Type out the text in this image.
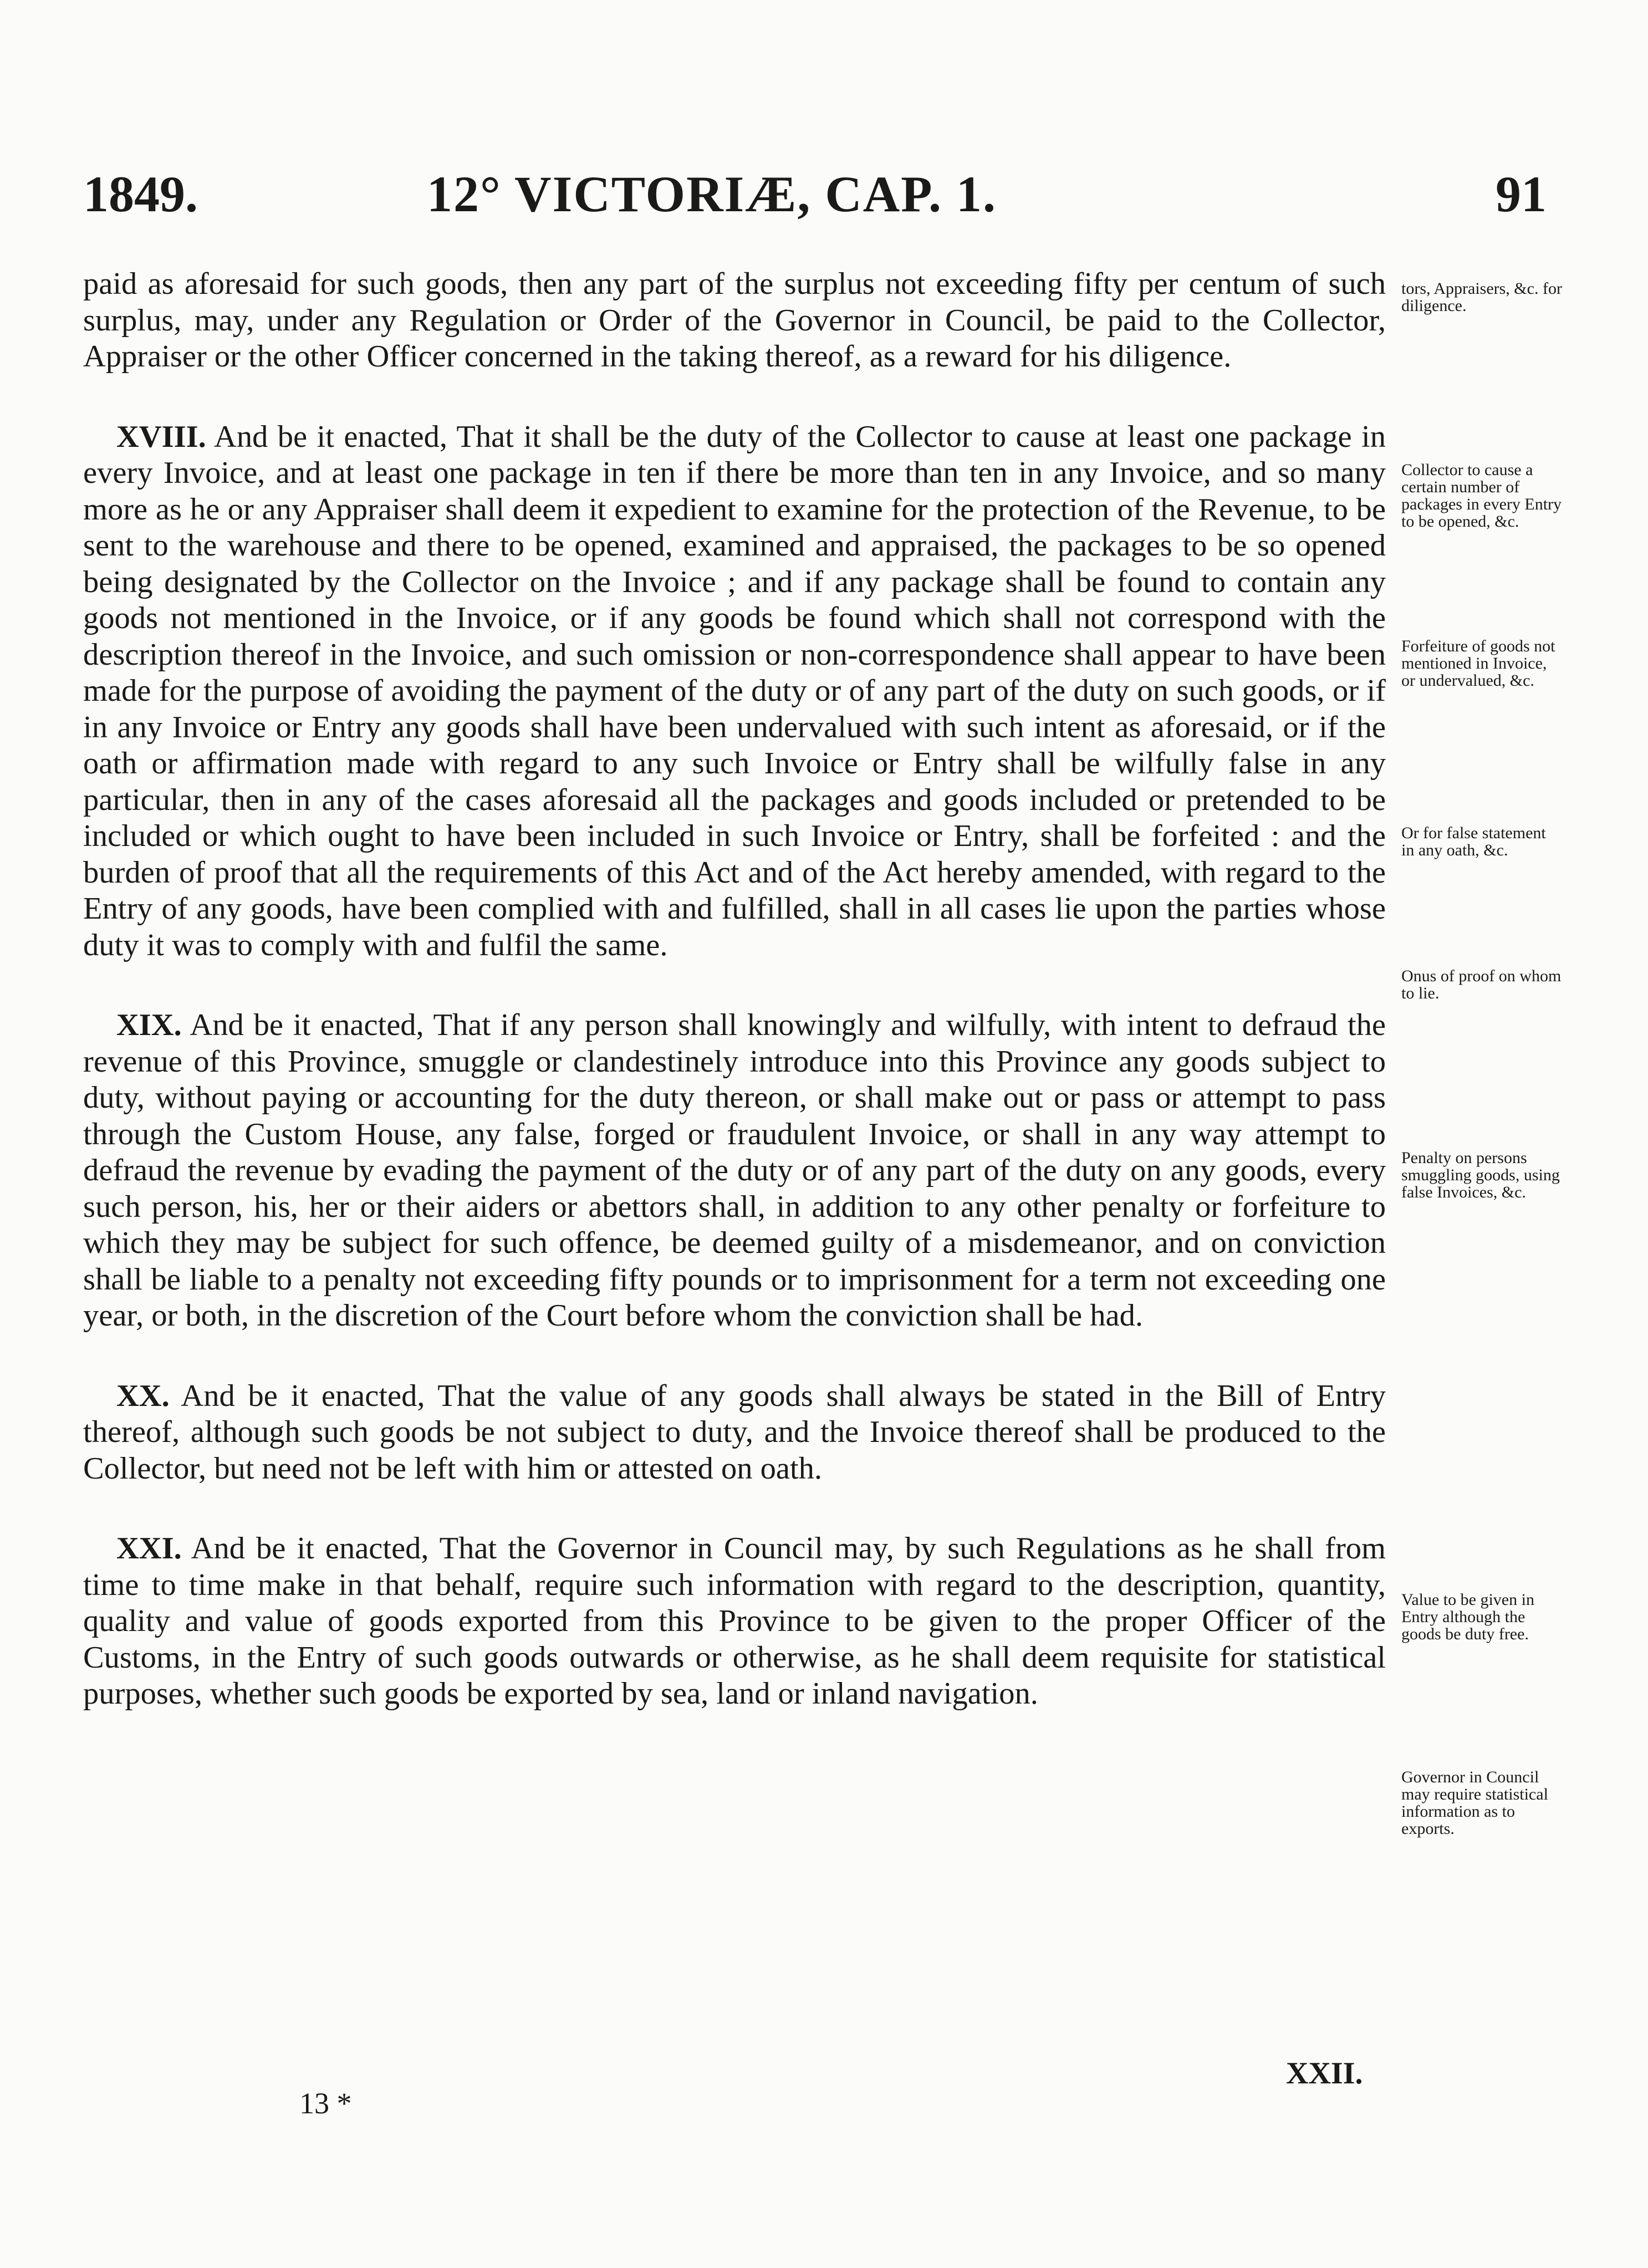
1849.	12° VICTORIÆ, CAP. 1.	91

paid as aforesaid for such goods, then any part of the surplus not exceeding fifty per centum of such surplus, may, under any Regulation or Order of the Governor in Council, be paid to the Collector, Appraiser or the other Officer concerned in the taking thereof, as a reward for his diligence.

XVIII. And be it enacted, That it shall be the duty of the Collector to cause at least one package in every Invoice, and at least one package in ten if there be more than ten in any Invoice, and so many more as he or any Appraiser shall deem it expedient to examine for the protection of the Revenue, to be sent to the warehouse and there to be opened, examined and appraised, the packages to be so opened being designated by the Collector on the Invoice ; and if any package shall be found to contain any goods not mentioned in the Invoice, or if any goods be found which shall not correspond with the description thereof in the Invoice, and such omission or non-correspondence shall appear to have been made for the purpose of avoiding the payment of the duty or of any part of the duty on such goods, or if in any Invoice or Entry any goods shall have been undervalued with such intent as aforesaid, or if the oath or affirmation made with regard to any such Invoice or Entry shall be wilfully false in any particular, then in any of the cases aforesaid all the packages and goods included or pretended to be included or which ought to have been included in such Invoice or Entry, shall be forfeited : and the burden of proof that all the requirements of this Act and of the Act hereby amended, with regard to the Entry of any goods, have been complied with and fulfilled, shall in all cases lie upon the parties whose duty it was to comply with and fulfil the same.

XIX. And be it enacted, That if any person shall knowingly and wilfully, with intent to defraud the revenue of this Province, smuggle or clandestinely introduce into this Province any goods subject to duty, without paying or accounting for the duty thereon, or shall make out or pass or attempt to pass through the Custom House, any false, forged or fraudulent Invoice, or shall in any way attempt to defraud the revenue by evading the payment of the duty or of any part of the duty on any goods, every such person, his, her or their aiders or abettors shall, in addition to any other penalty or forfeiture to which they may be subject for such offence, be deemed guilty of a misdemeanor, and on conviction shall be liable to a penalty not exceeding fifty pounds or to imprisonment for a term not exceeding one year, or both, in the discretion of the Court before whom the conviction shall be had.

XX. And be it enacted, That the value of any goods shall always be stated in the Bill of Entry thereof, although such goods be not subject to duty, and the Invoice thereof shall be produced to the Collector, but need not be left with him or attested on oath.

XXI. And be it enacted, That the Governor in Council may, by such Regulations as he shall from time to time make in that behalf, require such information with regard to the description, quantity, quality and value of goods exported from this Province to be given to the proper Officer of the Customs, in the Entry of such goods outwards or otherwise, as he shall deem requisite for statistical purposes, whether such goods be exported by sea, land or inland navigation.

tors, Appraisers, &c. for diligence.
Collector to cause a certain number of packages in every Entry to be opened, &c.
Forfeiture of goods not mentioned in Invoice, or undervalued, &c.
Or for false statement in any oath, &c.
Onus of proof on whom to lie.
Penalty on persons smuggling goods, using false Invoices, &c.
Value to be given in Entry although the goods be duty free.
Governor in Council may require statistical information as to exports.
XXII.
13 *
